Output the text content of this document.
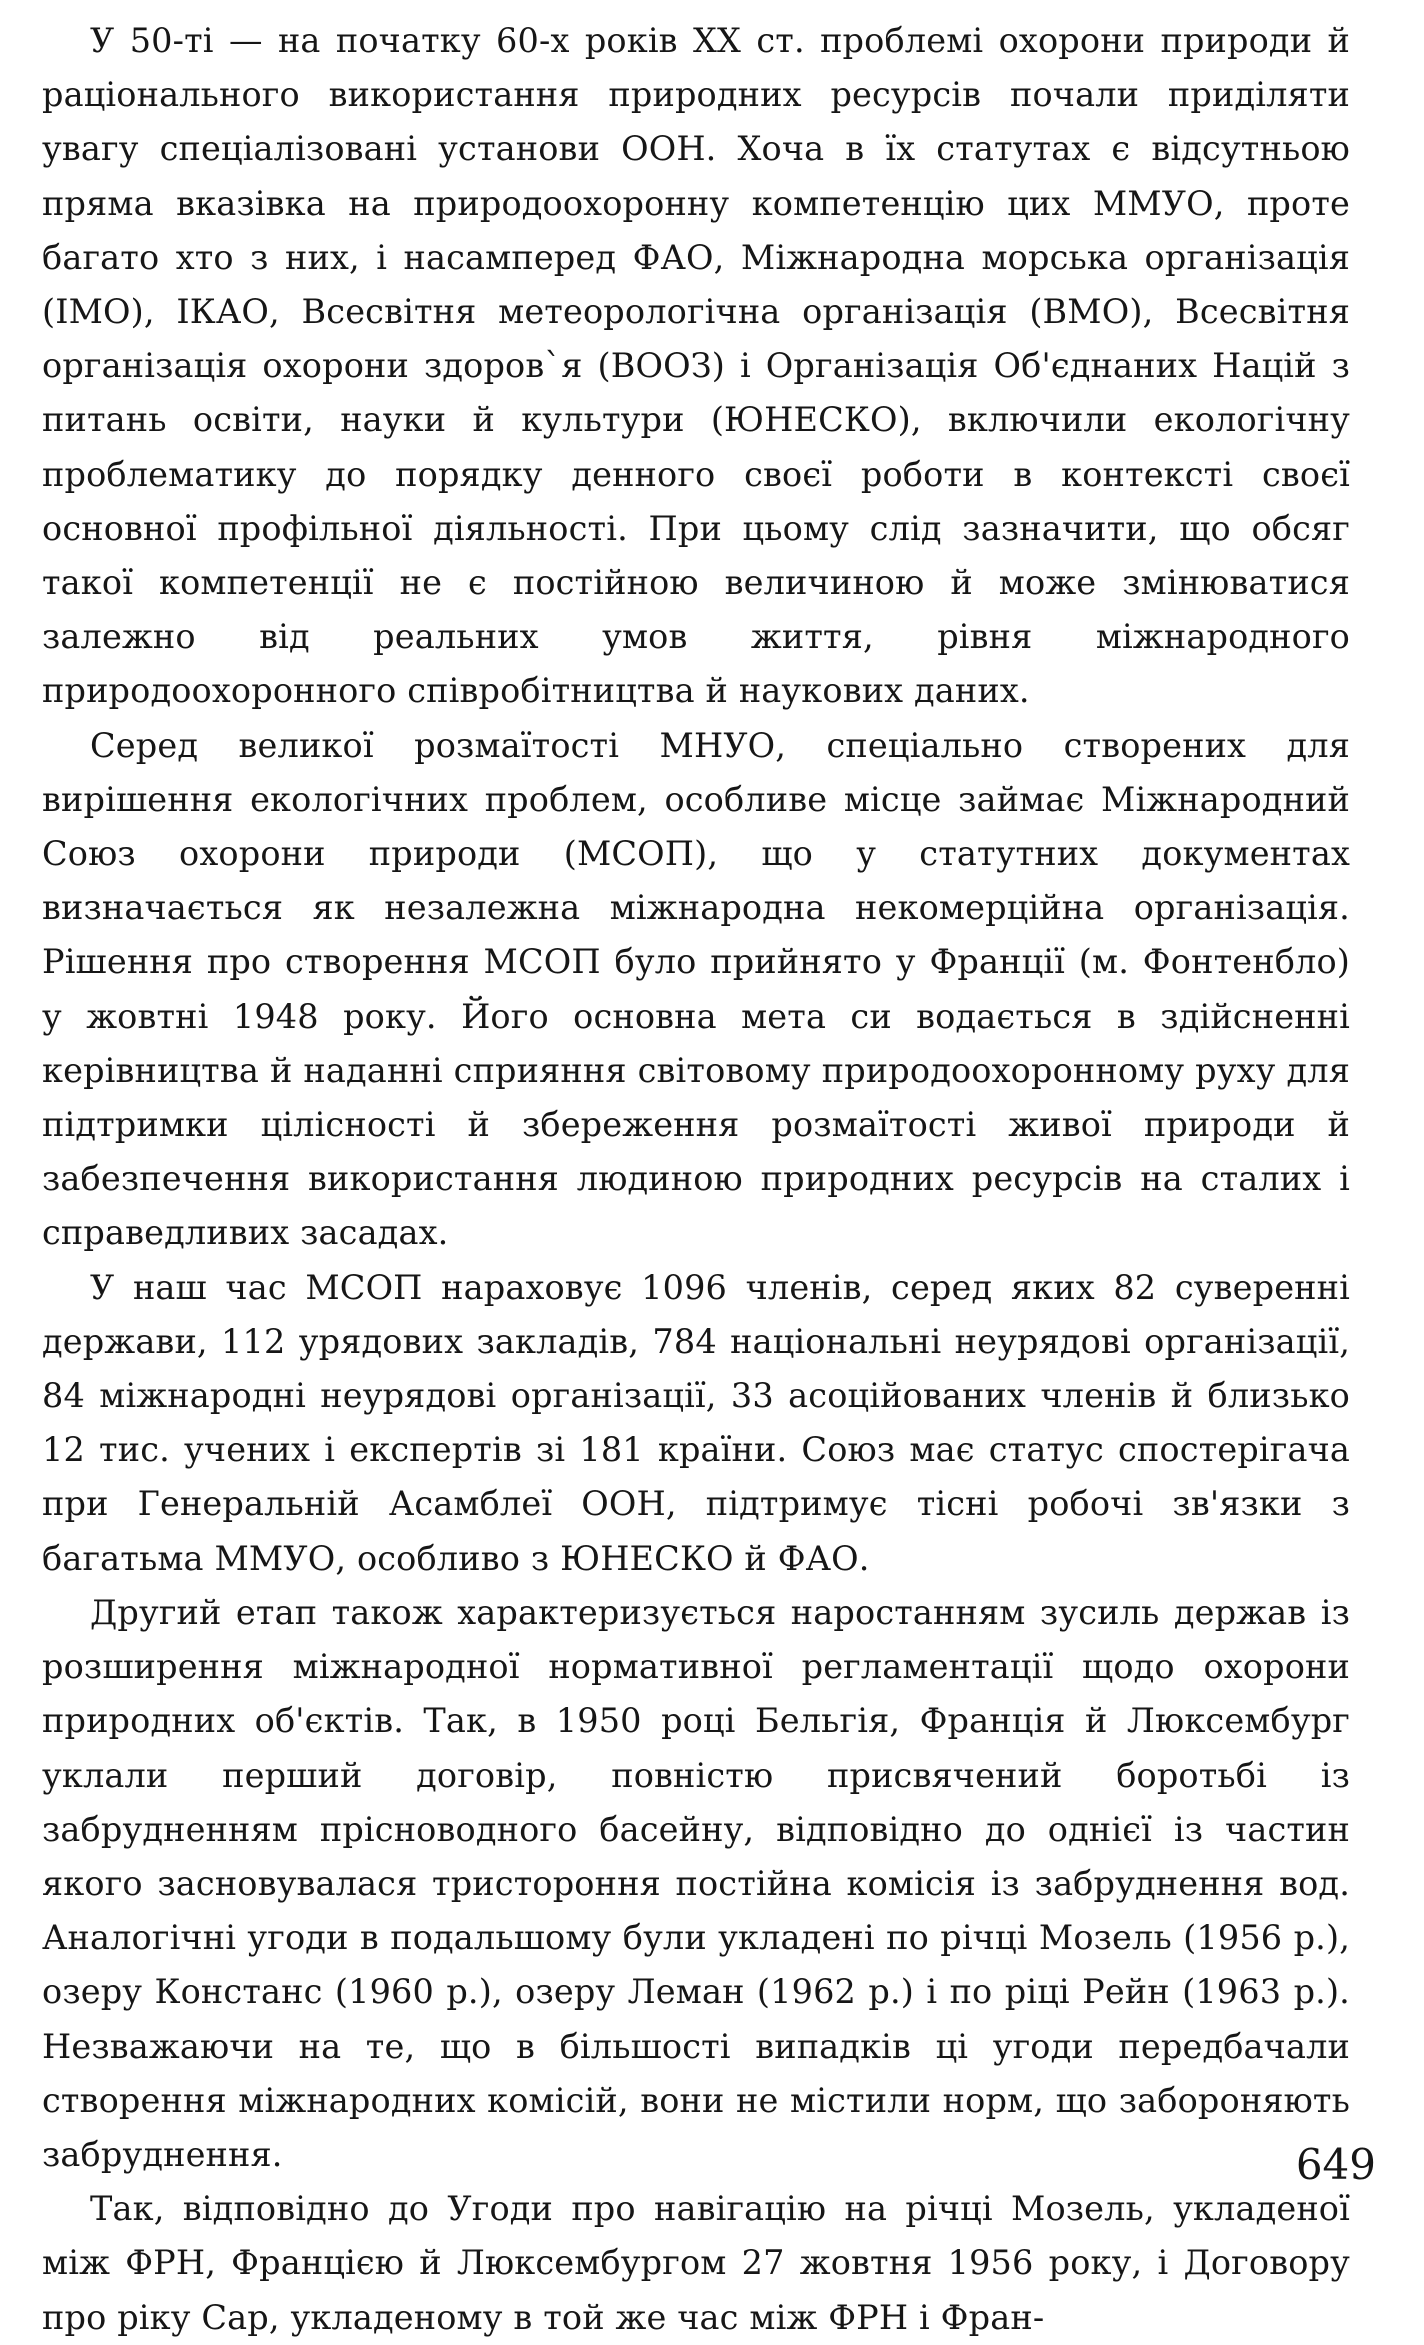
У 50-ті — на початку 60-х років XX ст. проблемі охорони природи й раціонального використання природних ресурсів почали приділяти увагу спеціалізовані установи ООН. Хоча в їх статутах є відсутньою пряма вказівка на природоохоронну компетенцію цих ММУО, проте багато хто з них, і насамперед ФАО, Міжнародна морська організація (ІМО), ІКАО, Всесвітня метеорологічна організація (ВМО), Всесвітня організація охорони здоров`я (ВООЗ) і Організація Об'єднаних Націй з питань освіти, науки й культури (ЮНЕСКО), включили екологічну проблематику до порядку денного своєї роботи в контексті своєї основної профільної діяльності. При цьому слід зазначити, що обсяг такої компетенції не є постійною величиною й може змінюватися залежно від реальних умов життя, рівня міжнародного природоохоронного співробітництва й наукових даних.

Серед великої розмаїтості МНУО, спеціально створених для вирішення екологічних проблем, особливе місце займає Міжнародний Союз охорони природи (МСОП), що у статутних документах визначається як незалежна міжнародна некомерційна організація. Рішення про створення МСОП було прийнято у Франції (м. Фонтенбло) у жовтні 1948 року. Його основна мета си водається в здійсненні керівництва й наданні сприяння світовому природоохоронному руху для підтримки цілісності й збереження розмаїтості живої природи й забезпечення використання людиною природних ресурсів на сталих і справедливих засадах.

У наш час МСОП нараховує 1096 членів, серед яких 82 суверенні держави, 112 урядових закладів, 784 національні неурядові організації, 84 міжнародні неурядові організації, 33 асоційованих членів й близько 12 тис. учених і експертів зі 181 країни. Союз має статус спостерігача при Генеральній Асамблеї ООН, підтримує тісні робочі зв'язки з багатьма ММУО, особливо з ЮНЕСКО й ФАО.

Другий етап також характеризується наростанням зусиль держав із розширення міжнародної нормативної регламентації щодо охорони природних об'єктів. Так, в 1950 році Бельгія, Франція й Люксембург уклали перший договір, повністю присвячений боротьбі із забрудненням прісноводного басейну, відповідно до однієї із частин якого засновувалася тристороння постійна комісія із забруднення вод. Аналогічні угоди в подальшому були укладені по річці Мозель (1956 р.), озеру Констанс (1960 р.), озеру Леман (1962 р.) і по ріці Рейн (1963 р.). Незважаючи на те, що в більшості випадків ці угоди передбачали створення міжнародних комісій, вони не містили норм, що забороняють забруднення.

Так, відповідно до Угоди про навігацію на річці Мозель, укладеної між ФРН, Францією й Люксембургом 27 жовтня 1956 року, і Договору про ріку Сар, укладеному в той же час між ФРН і Фран-

649
